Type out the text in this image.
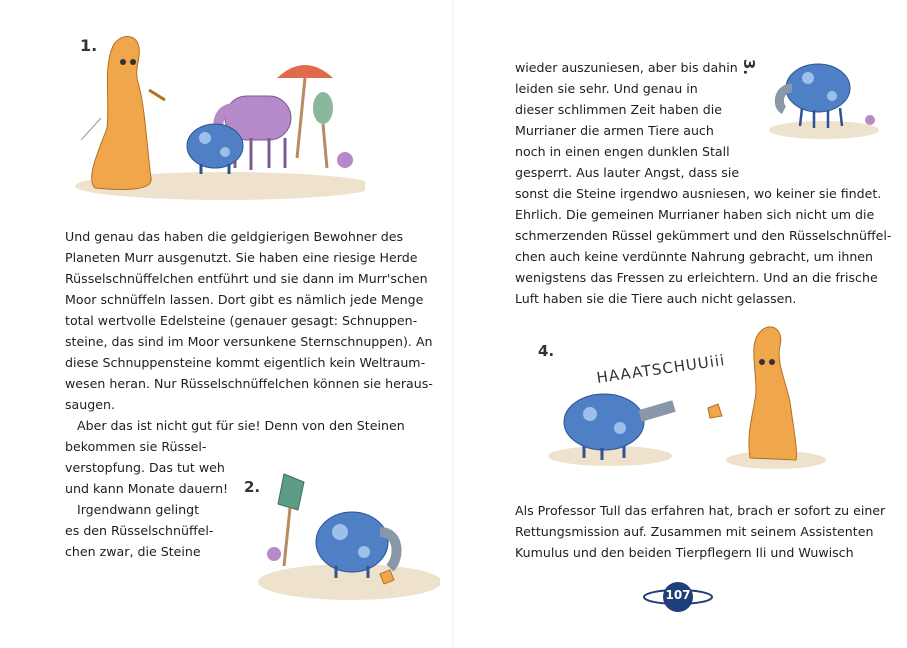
1.
Und genau das haben die geldgierigen Bewohner des
Planeten Murr ausgenutzt. Sie haben eine riesige Herde
Rüsselschnüffelchen entführt und sie dann im Murr'schen
Moor schnüffeln lassen. Dort gibt es nämlich jede Menge
total wertvolle Edelsteine (genauer gesagt: Schnuppen-
steine, das sind im Moor versunkene Sternschnuppen). An
diese Schnuppensteine kommt eigentlich kein Weltraum-
wesen heran. Nur Rüsselschnüffelchen können sie heraus-
saugen.
Aber das ist nicht gut für sie! Denn von den Steinen
bekommen sie Rüssel-
verstopfung. Das tut weh
und kann Monate dauern!
Irgendwann gelingt
es den Rüsselschnüffel-
chen zwar, die Steine
2.
wieder auszuniesen, aber bis dahin
leiden sie sehr. Und genau in
dieser schlimmen Zeit haben die
Murrianer die armen Tiere auch
noch in einen engen dunklen Stall
gesperrt. Aus lauter Angst, dass sie
sonst die Steine irgendwo ausniesen, wo keiner sie findet.
Ehrlich. Die gemeinen Murrianer haben sich nicht um die
schmerzenden Rüssel gekümmert und den Rüsselschnüffel-
chen auch keine verdünnte Nahrung gebracht, um ihnen
wenigstens das Fressen zu erleichtern. Und an die frische
Luft haben sie die Tiere auch nicht gelassen.
3.
4.
HAAATSCHUUiii
Als Professor Tull das erfahren hat, brach er sofort zu einer
Rettungsmission auf. Zusammen mit seinem Assistenten
Kumulus und den beiden Tierpflegern Ili und Wuwisch
107
